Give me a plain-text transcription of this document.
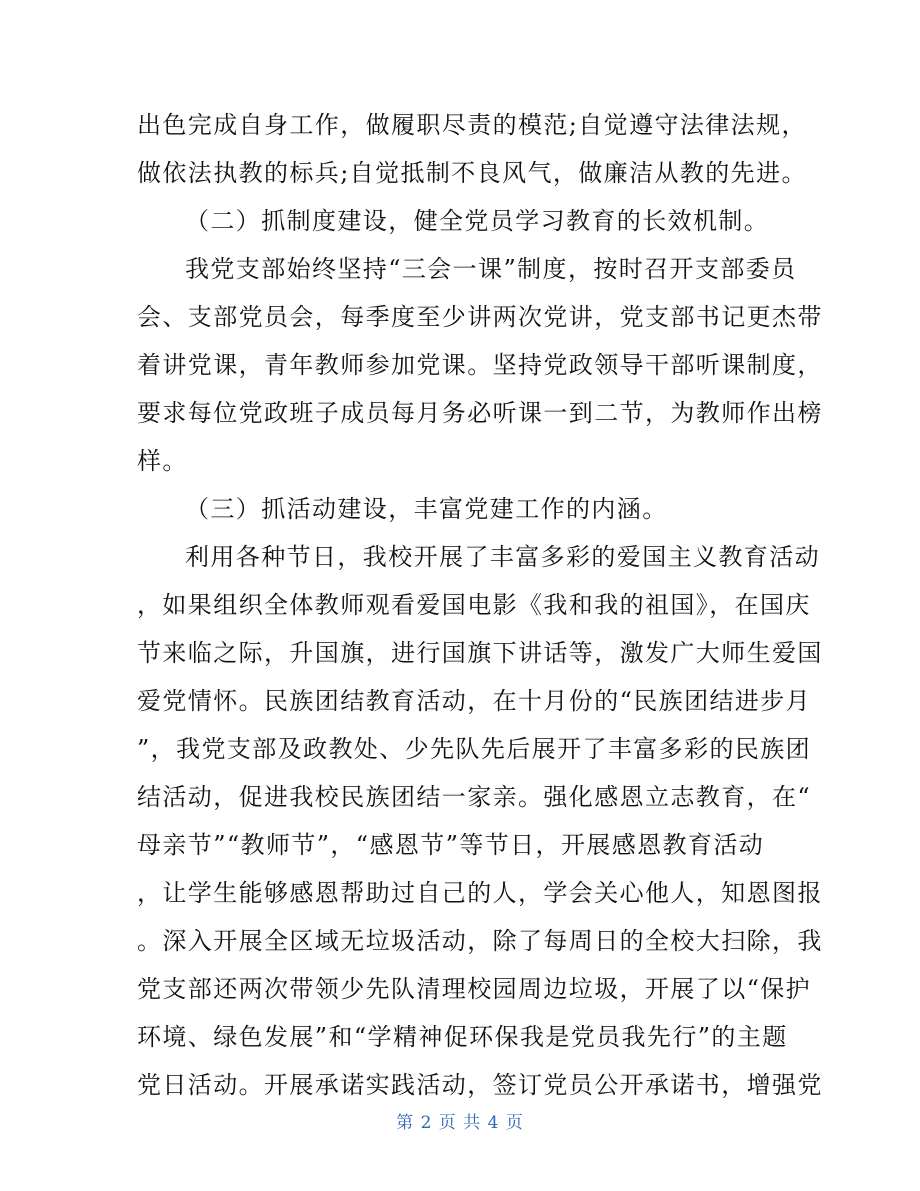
出色完成自身工作，做履职尽责的模范;自觉遵守法律法规，
做依法执教的标兵;自觉抵制不良风气，做廉洁从教的先进。
（二）抓制度建设，健全党员学习教育的长效机制。
我党支部始终坚持“三会一课”制度，按时召开支部委员
会、支部党员会，每季度至少讲两次党讲，党支部书记更杰带
着讲党课，青年教师参加党课。坚持党政领导干部听课制度，
要求每位党政班子成员每月务必听课一到二节，为教师作出榜
样。
（三）抓活动建设，丰富党建工作的内涵。
利用各种节日，我校开展了丰富多彩的爱国主义教育活动
，如果组织全体教师观看爱国电影《我和我的祖国》，在国庆
节来临之际，升国旗，进行国旗下讲话等，激发广大师生爱国
爱党情怀。民族团结教育活动，在十月份的“民族团结进步月
”，我党支部及政教处、少先队先后展开了丰富多彩的民族团
结活动，促进我校民族团结一家亲。强化感恩立志教育，在“
母亲节”“教师节”，“感恩节”等节日，开展感恩教育活动
，让学生能够感恩帮助过自己的人，学会关心他人，知恩图报
。深入开展全区域无垃圾活动，除了每周日的全校大扫除，我
党支部还两次带领少先队清理校园周边垃圾，开展了以“保护
环境、绿色发展”和“学精神促环保我是党员我先行”的主题
党日活动。开展承诺实践活动，签订党员公开承诺书，增强党
第 2 页 共 4 页
